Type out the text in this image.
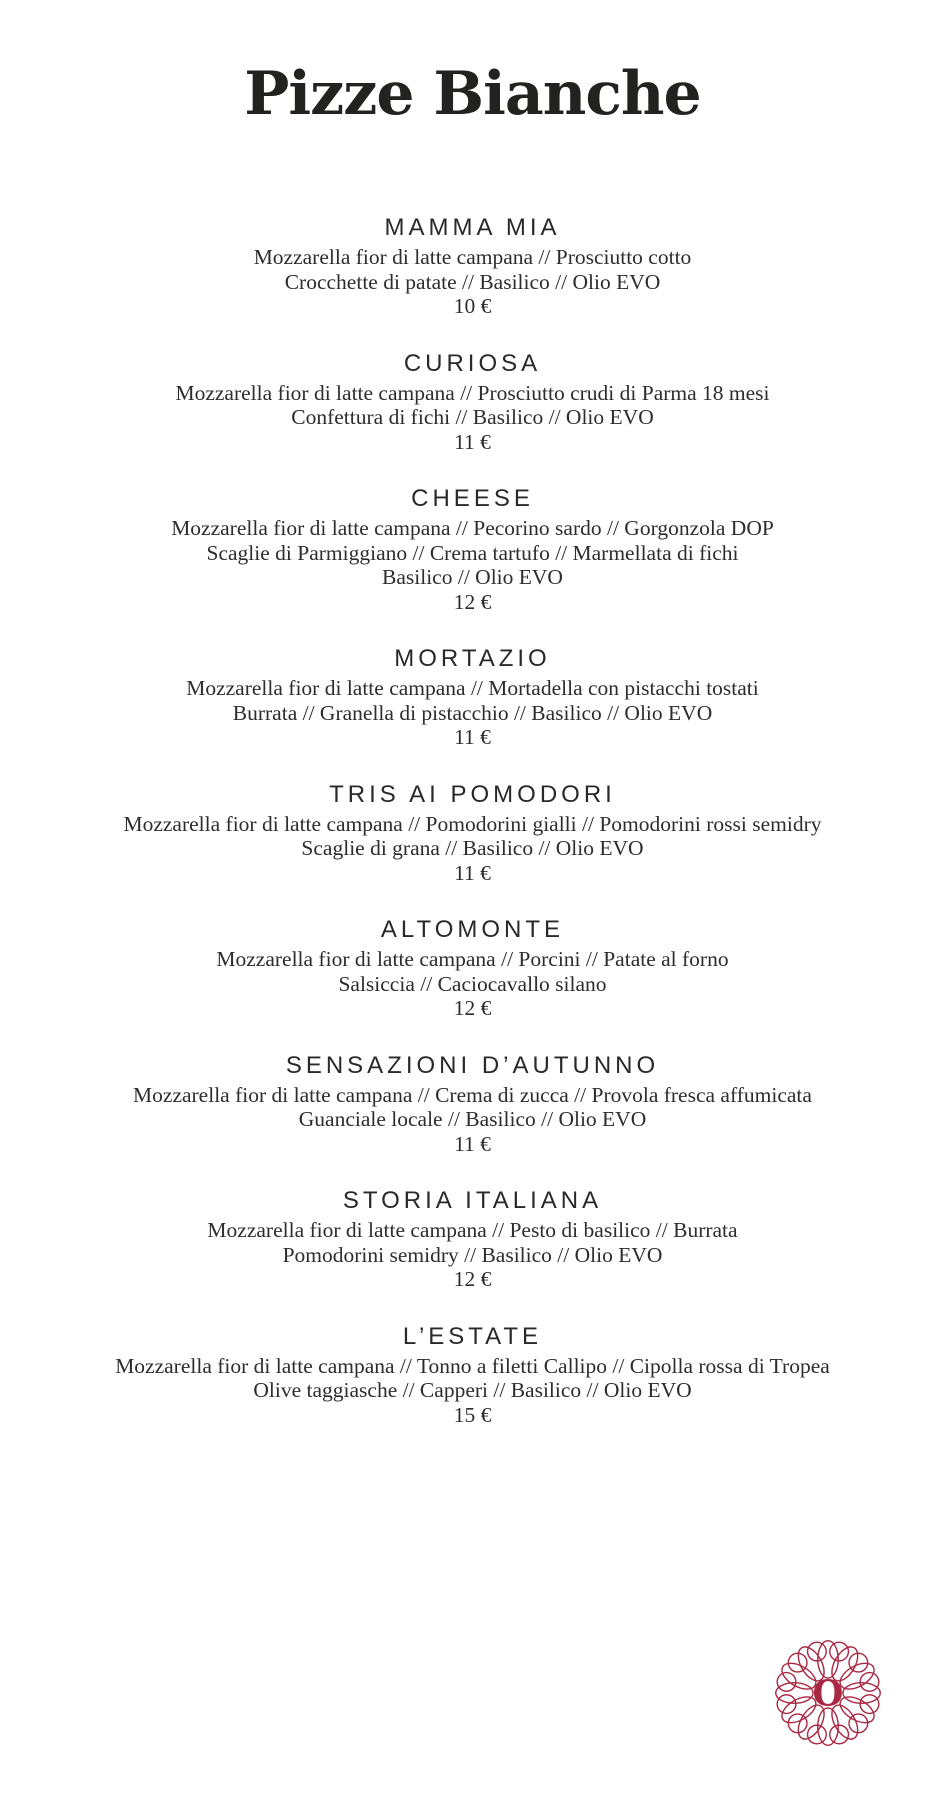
Pizze Bianche
MAMMA MIA
Mozzarella fior di latte campana // Prosciutto cotto
Crocchette di patate // Basilico // Olio EVO
10 €
CURIOSA
Mozzarella fior di latte campana // Prosciutto crudi di Parma 18 mesi
Confettura di fichi // Basilico // Olio EVO
11 €
CHEESE
Mozzarella fior di latte campana // Pecorino sardo // Gorgonzola DOP
Scaglie di Parmiggiano // Crema tartufo // Marmellata di fichi
Basilico // Olio EVO
12 €
MORTAZIO
Mozzarella fior di latte campana // Mortadella con pistacchi tostati
Burrata // Granella di pistacchio // Basilico // Olio EVO
11 €
TRIS AI POMODORI
Mozzarella fior di latte campana // Pomodorini gialli // Pomodorini rossi semidry
Scaglie di grana // Basilico // Olio EVO
11 €
ALTOMONTE
Mozzarella fior di latte campana // Porcini // Patate al forno
Salsiccia // Caciocavallo silano
12 €
SENSAZIONI D’AUTUNNO
Mozzarella fior di latte campana // Crema di zucca // Provola fresca affumicata
Guanciale locale // Basilico // Olio EVO
11 €
STORIA ITALIANA
Mozzarella fior di latte campana // Pesto di basilico // Burrata
Pomodorini semidry // Basilico // Olio EVO
12 €
L’ESTATE
Mozzarella fior di latte campana // Tonno a filetti Callipo // Cipolla rossa di Tropea
Olive taggiasche // Capperi // Basilico // Olio EVO
15 €
O
